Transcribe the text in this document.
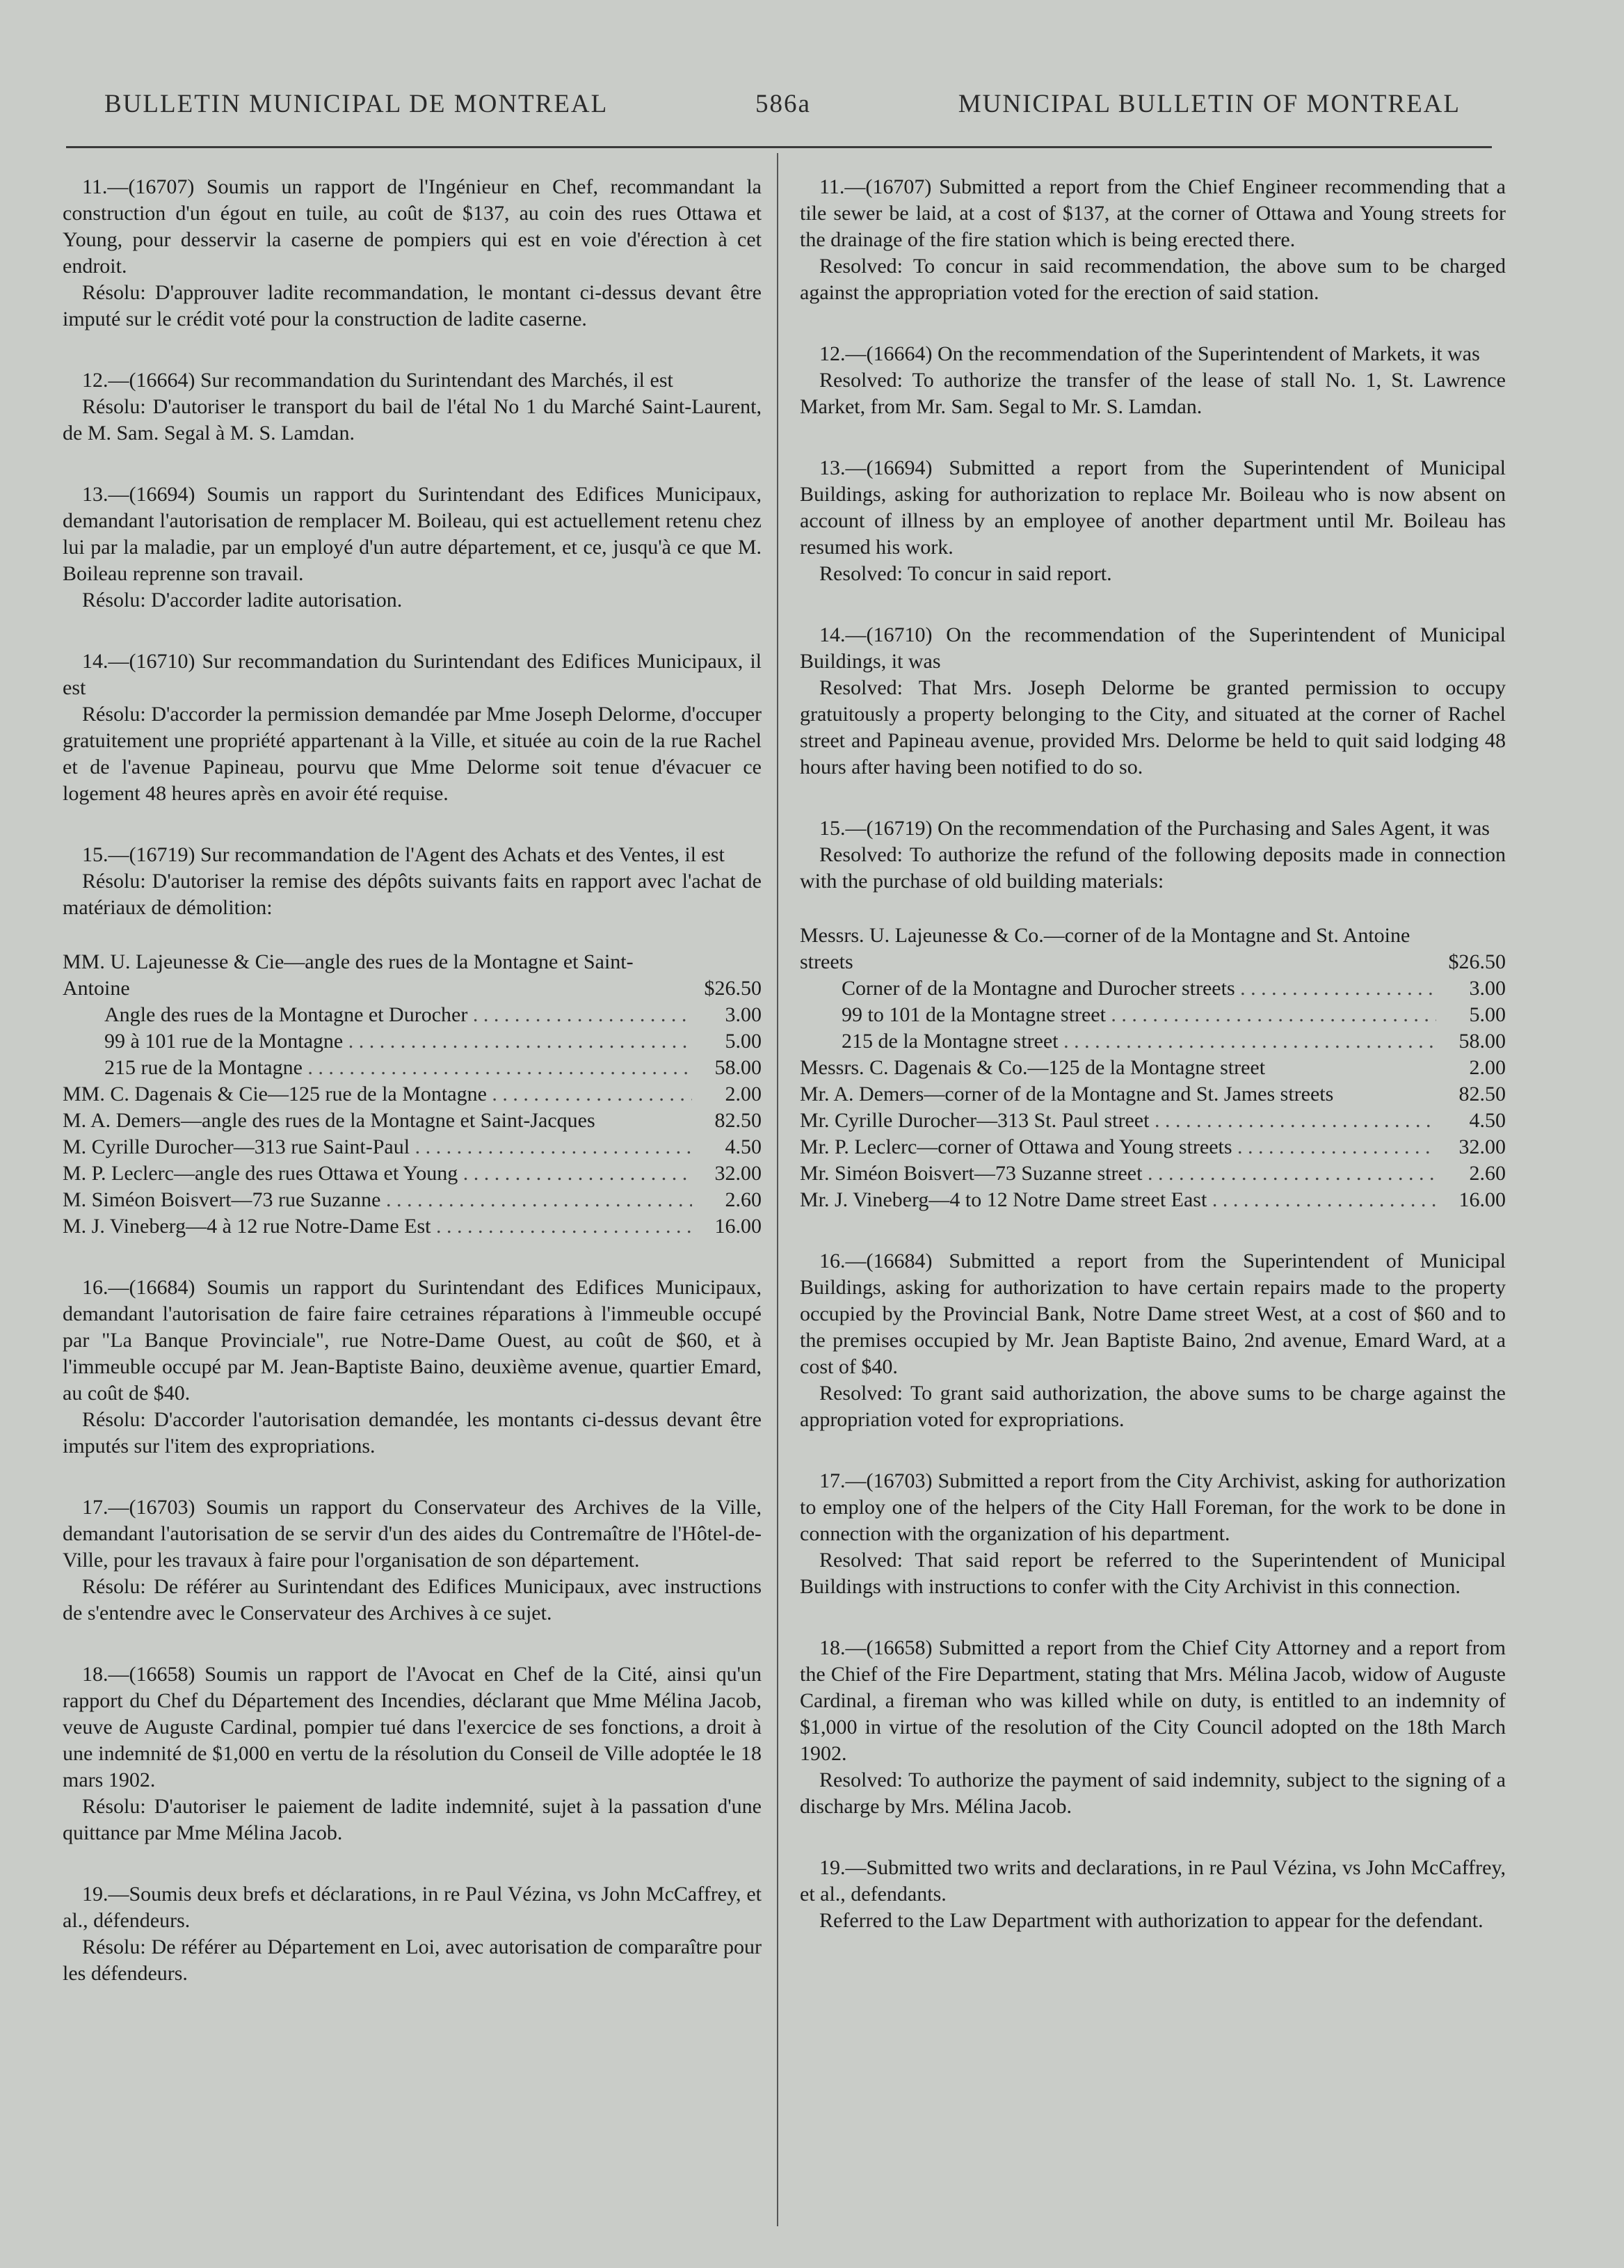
BULLETIN MUNICIPAL DE MONTREAL	586a	MUNICIPAL BULLETIN OF MONTREAL

11.—(16707) Soumis un rapport de l'Ingénieur en Chef, recommandant la construction d'un égout en tuile, au coût de $137, au coin des rues Ottawa et Young, pour desservir la caserne de pompiers qui est en voie d'érection à cet endroit.

Résolu: D'approuver ladite recommandation, le montant ci-dessus devant être imputé sur le crédit voté pour la construction de ladite caserne.

12.—(16664) Sur recommandation du Surintendant des Marchés, il est

Résolu: D'autoriser le transport du bail de l'étal No 1 du Marché Saint-Laurent, de M. Sam. Segal à M. S. Lamdan.

13.—(16694) Soumis un rapport du Surintendant des Edifices Municipaux, demandant l'autorisation de remplacer M. Boileau, qui est actuellement retenu chez lui par la maladie, par un employé d'un autre département, et ce, jusqu'à ce que M. Boileau reprenne son travail.

Résolu: D'accorder ladite autorisation.

14.—(16710) Sur recommandation du Surintendant des Edifices Municipaux, il est

Résolu: D'accorder la permission demandée par Mme Joseph Delorme, d'occuper gratuitement une propriété appartenant à la Ville, et située au coin de la rue Rachel et de l'avenue Papineau, pourvu que Mme Delorme soit tenue d'évacuer ce logement 48 heures après en avoir été requise.

15.—(16719) Sur recommandation de l'Agent des Achats et des Ventes, il est

Résolu: D'autoriser la remise des dépôts suivants faits en rapport avec l'achat de matériaux de démolition:

MM. U. Lajeunesse & Cie—angle des rues de la Montagne et Saint-Antoine	$26.50
Angle des rues de la Montagne et Durocher . . .	3.00
99 à 101 rue de la Montagne . . .	5.00
215 rue de la Montagne . . .	58.00
MM. C. Dagenais & Cie—125 rue de la Montagne . . .	2.00
M. A. Demers—angle des rues de la Montagne et Saint-Jacques	82.50
M. Cyrille Durocher—313 rue Saint-Paul . . .	4.50
M. P. Leclerc—angle des rues Ottawa et Young . . .	32.00
M. Siméon Boisvert—73 rue Suzanne . . .	2.60
M. J. Vineberg—4 à 12 rue Notre-Dame Est . . .	16.00

16.—(16684) Soumis un rapport du Surintendant des Edifices Municipaux, demandant l'autorisation de faire faire cetraines réparations à l'immeuble occupé par "La Banque Provinciale", rue Notre-Dame Ouest, au coût de $60, et à l'immeuble occupé par M. Jean-Baptiste Baino, deuxième avenue, quartier Emard, au coût de $40.

Résolu: D'accorder l'autorisation demandée, les montants ci-dessus devant être imputés sur l'item des expropriations.

17.—(16703) Soumis un rapport du Conservateur des Archives de la Ville, demandant l'autorisation de se servir d'un des aides du Contremaître de l'Hôtel-de-Ville, pour les travaux à faire pour l'organisation de son département.

Résolu: De référer au Surintendant des Edifices Municipaux, avec instructions de s'entendre avec le Conservateur des Archives à ce sujet.

18.—(16658) Soumis un rapport de l'Avocat en Chef de la Cité, ainsi qu'un rapport du Chef du Département des Incendies, déclarant que Mme Mélina Jacob, veuve de Auguste Cardinal, pompier tué dans l'exercice de ses fonctions, a droit à une indemnité de $1,000 en vertu de la résolution du Conseil de Ville adoptée le 18 mars 1902.

Résolu: D'autoriser le paiement de ladite indemnité, sujet à la passation d'une quittance par Mme Mélina Jacob.

19.—Soumis deux brefs et déclarations, in re Paul Vézina, vs John McCaffrey, et al., défendeurs.

Résolu: De référer au Département en Loi, avec autorisation de comparaître pour les défendeurs.

11.—(16707) Submitted a report from the Chief Engineer recommending that a tile sewer be laid, at a cost of $137, at the corner of Ottawa and Young streets for the drainage of the fire station which is being erected there.

Resolved: To concur in said recommendation, the above sum to be charged against the appropriation voted for the erection of said station.

12.—(16664) On the recommendation of the Superintendent of Markets, it was

Resolved: To authorize the transfer of the lease of stall No. 1, St. Lawrence Market, from Mr. Sam. Segal to Mr. S. Lamdan.

13.—(16694) Submitted a report from the Superintendent of Municipal Buildings, asking for authorization to replace Mr. Boileau who is now absent on account of illness by an employee of another department until Mr. Boileau has resumed his work.

Resolved: To concur in said report.

14.—(16710) On the recommendation of the Superintendent of Municipal Buildings, it was

Resolved: That Mrs. Joseph Delorme be granted permission to occupy gratuitously a property belonging to the City, and situated at the corner of Rachel street and Papineau avenue, provided Mrs. Delorme be held to quit said lodging 48 hours after having been notified to do so.

15.—(16719) On the recommendation of the Purchasing and Sales Agent, it was

Resolved: To authorize the refund of the following deposits made in connection with the purchase of old building materials:

Messrs. U. Lajeunesse & Co.—corner of de la Montagne and St. Antoine streets	$26.50
Corner of de la Montagne and Durocher streets . . .	3.00
99 to 101 de la Montagne street . . .	5.00
215 de la Montagne street . . .	58.00
Messrs. C. Dagenais & Co.—125 de la Montagne street	2.00
Mr. A. Demers—corner of de la Montagne and St. James streets	82.50
Mr. Cyrille Durocher—313 St. Paul street . . .	4.50
Mr. P. Leclerc—corner of Ottawa and Young streets . . .	32.00
Mr. Siméon Boisvert—73 Suzanne street . . .	2.60
Mr. J. Vineberg—4 to 12 Notre Dame street East . . .	16.00

16.—(16684) Submitted a report from the Superintendent of Municipal Buildings, asking for authorization to have certain repairs made to the property occupied by the Provincial Bank, Notre Dame street West, at a cost of $60 and to the premises occupied by Mr. Jean Baptiste Baino, 2nd avenue, Emard Ward, at a cost of $40.

Resolved: To grant said authorization, the above sums to be charge against the appropriation voted for expropriations.

17.—(16703) Submitted a report from the City Archivist, asking for authorization to employ one of the helpers of the City Hall Foreman, for the work to be done in connection with the organization of his department.

Resolved: That said report be referred to the Superintendent of Municipal Buildings with instructions to confer with the City Archivist in this connection.

18.—(16658) Submitted a report from the Chief City Attorney and a report from the Chief of the Fire Department, stating that Mrs. Mélina Jacob, widow of Auguste Cardinal, a fireman who was killed while on duty, is entitled to an indemnity of $1,000 in virtue of the resolution of the City Council adopted on the 18th March 1902.

Resolved: To authorize the payment of said indemnity, subject to the signing of a discharge by Mrs. Mélina Jacob.

19.—Submitted two writs and declarations, in re Paul Vézina, vs John McCaffrey, et al., defendants.

Referred to the Law Department with authorization to appear for the defendant.
